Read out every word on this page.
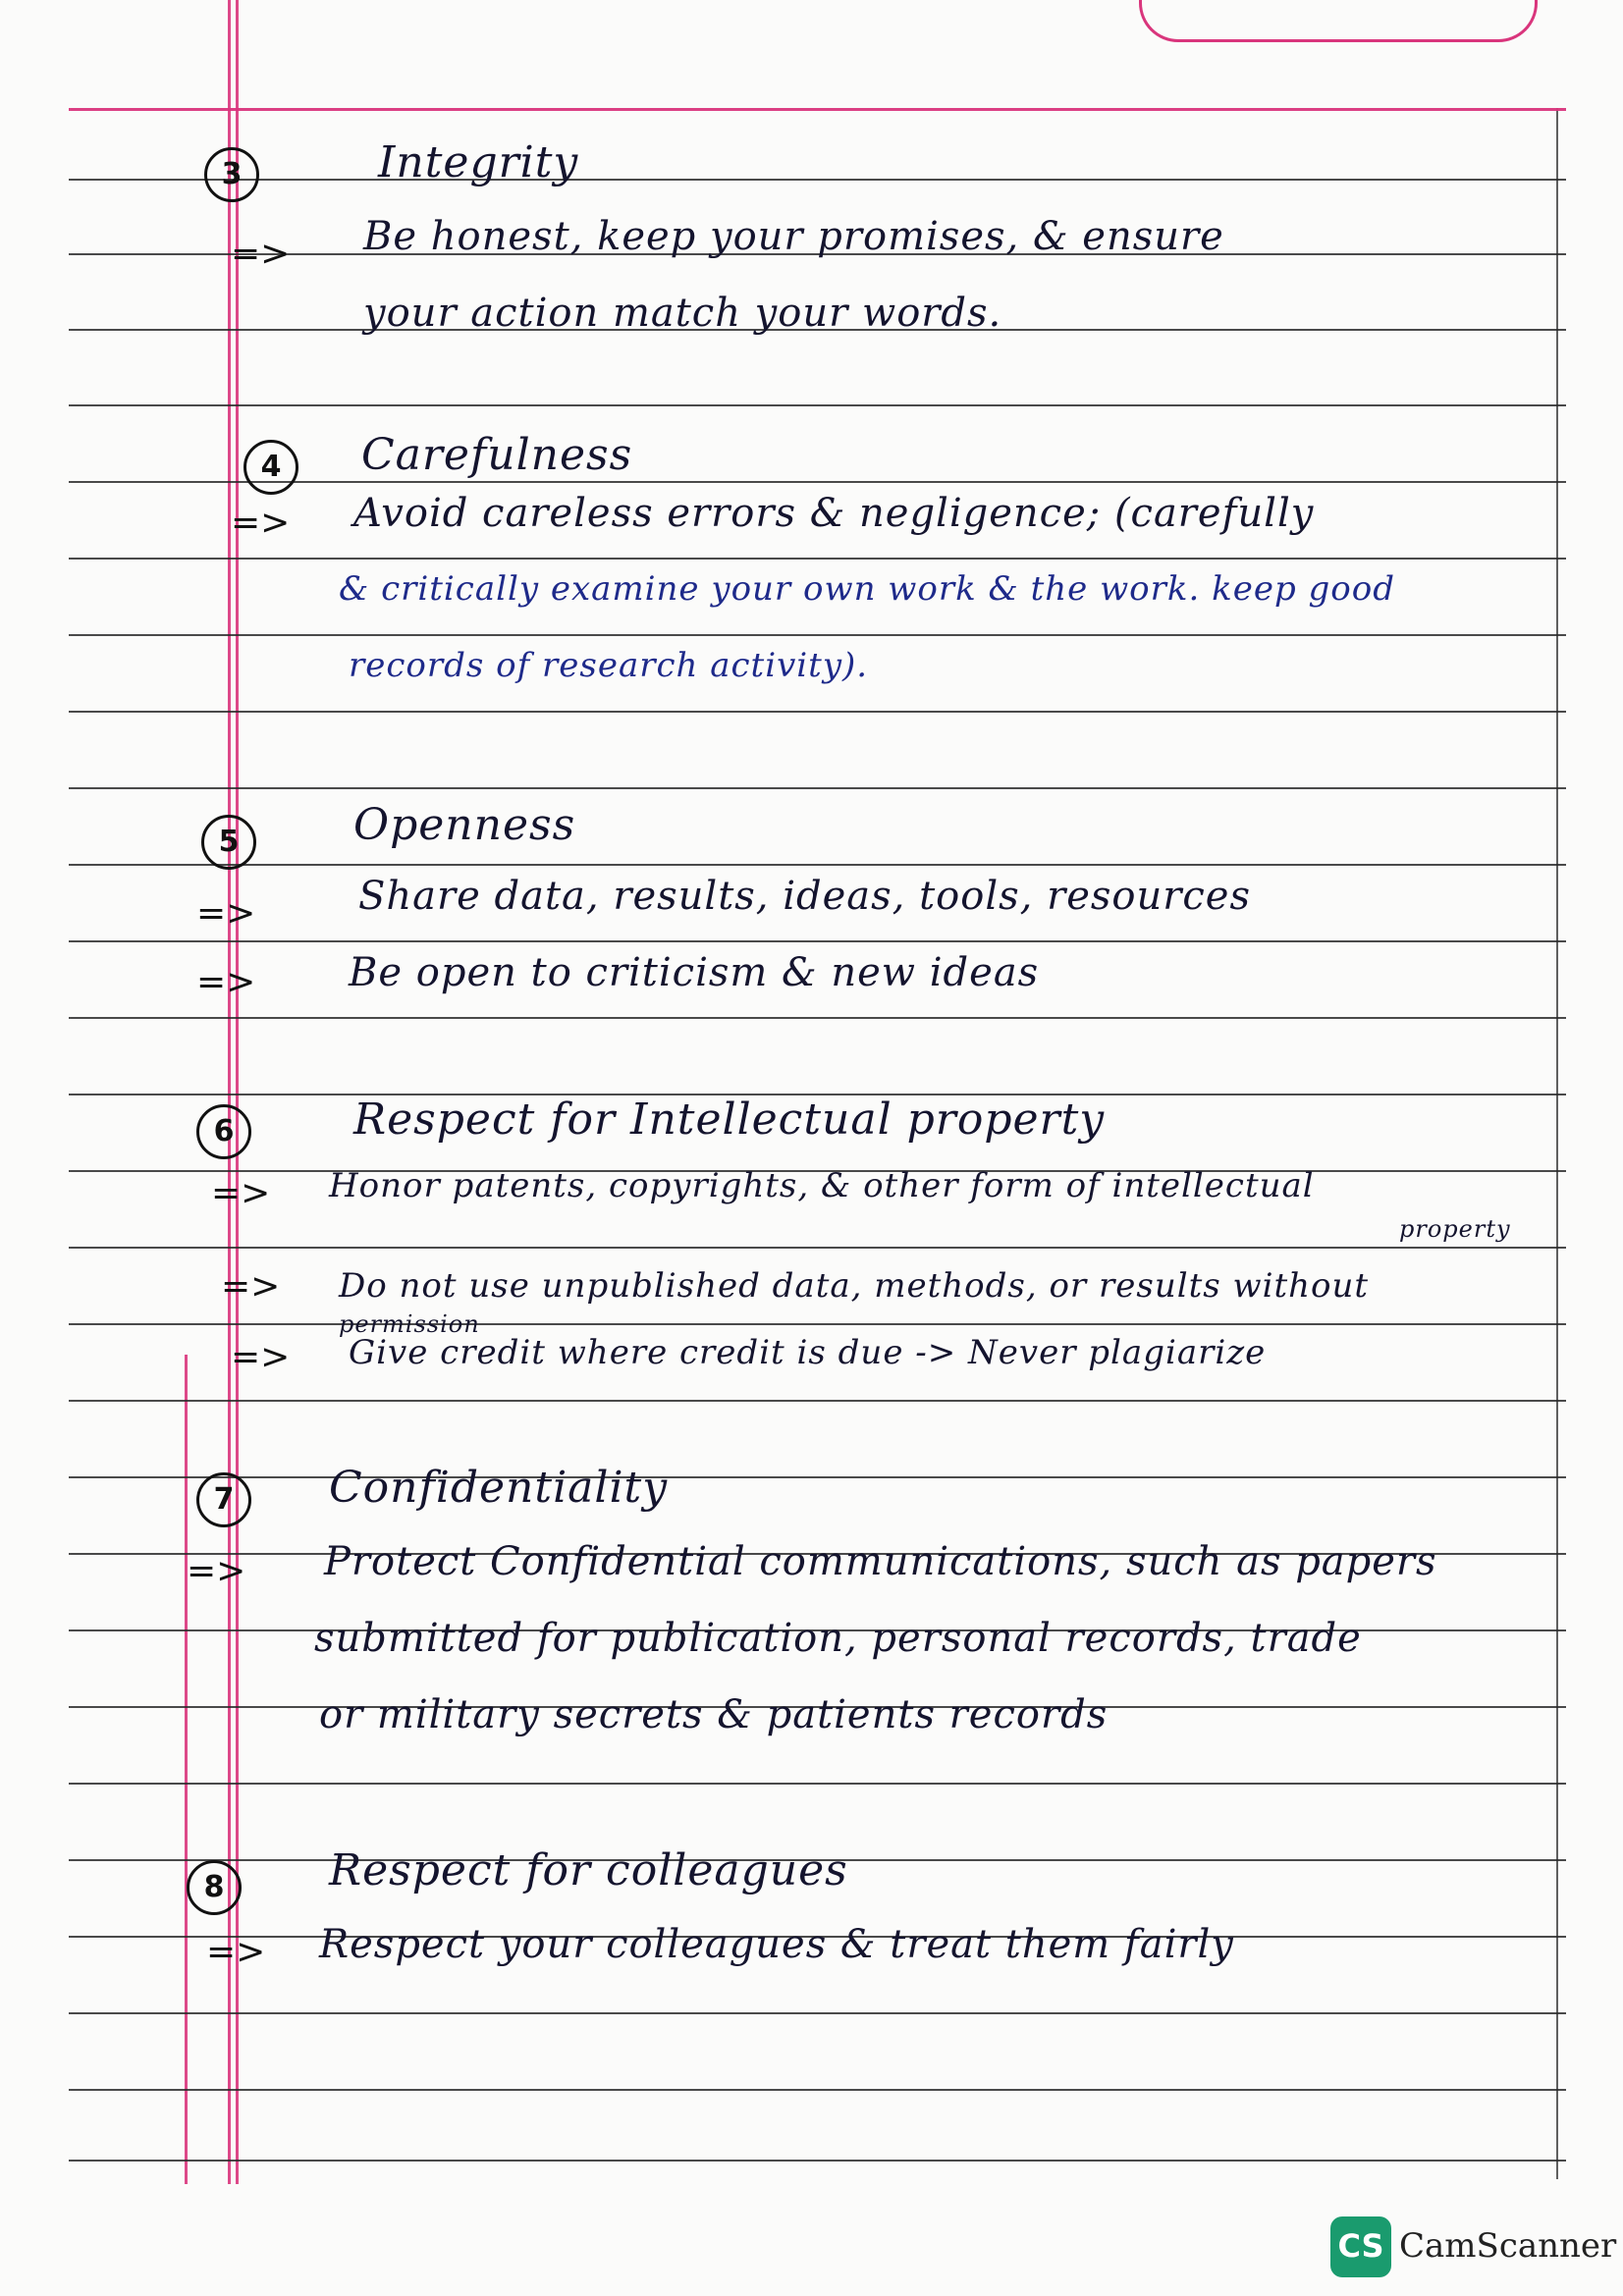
3	Integrity
=> Be honest, keep your promises, & ensure
your action match your words.
4	Carefulness
=> Avoid careless errors & negligence; (carefully
& critically examine your own work & the work. keep good
records of research activity).
5	Openness
=>	Share data, results, ideas, tools, resources
=> Be open to criticism & new ideas
6	Respect for Intellectual property
=> Honor patents, copyrights, & other form of intellectual
property
=> Do not use unpublished data, methods, or results without
permission
=> Give credit where credit is due -> Never plagiarize
7	Confidentiality
=> Protect Confidential communications, such as papers
submitted for publication, personal records, trade
or military secrets & patients records
8	Respect for colleagues
=> Respect your colleagues & treat them fairly
CS CamScanner
